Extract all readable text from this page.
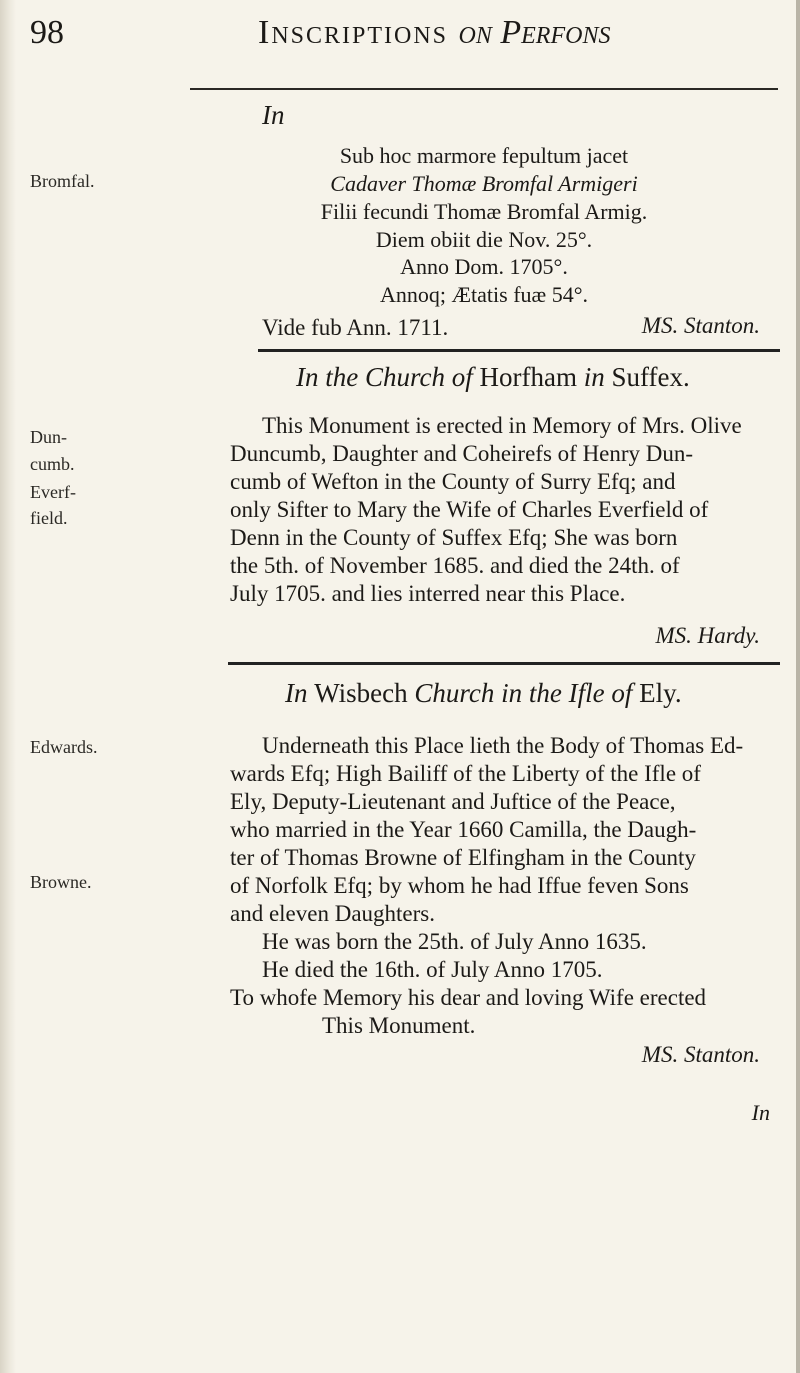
98	Inscriptions on Perfons
In
Bromfal.
Sub hoc marmore fepultum jacet
Cadaver Thomæ Bromfal Armigeri
Filii fecundi Thomæ Bromfal Armig.
Diem obiit die Nov. 25°.
Anno Dom. 1705°.
Annoq; Ætatis fuæ 54°.
Vide fub Ann. 1711.	MS. Stanton.
In the Church of Horfham in Suffex.
Dun-
cumb.
Everf-
field.
This Monument is erected in Memory of Mrs. Olive
Duncumb, Daughter and Coheirefs of Henry Dun-
cumb of Wefton in the County of Surry Efq; and
only Sifter to Mary the Wife of Charles Everfield of
Denn in the County of Suffex Efq; She was born
the 5th. of November 1685. and died the 24th. of
July 1705. and lies interred near this Place.
MS. Hardy.
In Wisbech Church in the Ifle of Ely.
Edwards.
Browne.
Underneath this Place lieth the Body of Thomas Ed-
wards Efq; High Bailiff of the Liberty of the Ifle of
Ely, Deputy-Lieutenant and Juftice of the Peace,
who married in the Year 1660 Camilla, the Daugh-
ter of Thomas Browne of Elfingham in the County
of Norfolk Efq; by whom he had Iffue feven Sons
and eleven Daughters.
He was born the 25th. of July Anno 1635.
He died the 16th. of July Anno 1705.
To whofe Memory his dear and loving Wife erected
This Monument.
MS. Stanton.
In
